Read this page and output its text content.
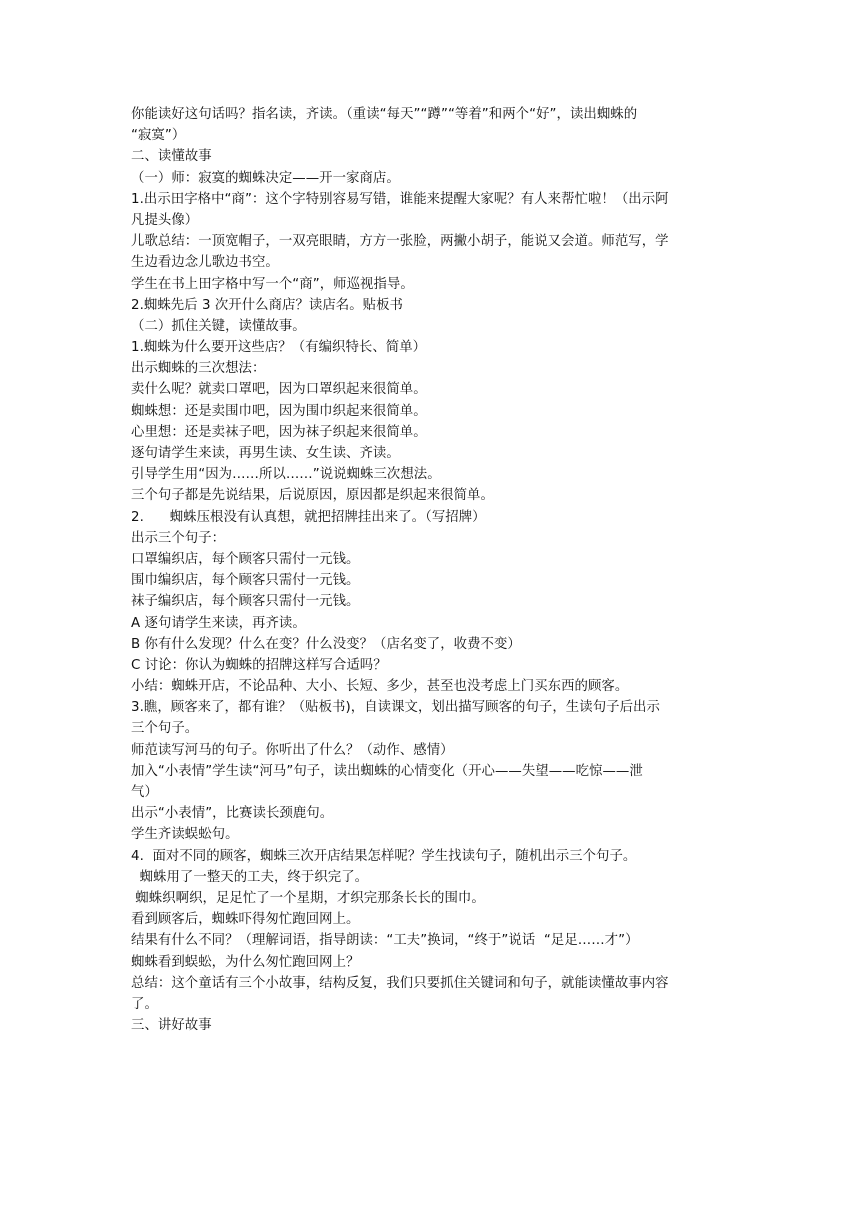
你能读好这句话吗？指名读，齐读。（重读“每天”“蹲”“等着”和两个“好”，读出蜘蛛的

“寂寞”）

二、读懂故事

（一）师：寂寞的蜘蛛决定——开一家商店。

1.出示田字格中“商”：这个字特别容易写错，谁能来提醒大家呢？有人来帮忙啦！（出示阿

凡提头像）

儿歌总结：一顶宽帽子，一双亮眼睛，方方一张脸，两撇小胡子，能说又会道。师范写，学

生边看边念儿歌边书空。

学生在书上田字格中写一个“商”，师巡视指导。

2.蜘蛛先后 3 次开什么商店？读店名。贴板书

（二）抓住关键，读懂故事。

1.蜘蛛为什么要开这些店？（有编织特长、简单）

出示蜘蛛的三次想法：

卖什么呢？就卖口罩吧，因为口罩织起来很简单。

蜘蛛想：还是卖围巾吧，因为围巾织起来很简单。

心里想：还是卖袜子吧，因为袜子织起来很简单。

逐句请学生来读，再男生读、女生读、齐读。

引导学生用“因为……所以……”说说蜘蛛三次想法。

三个句子都是先说结果，后说原因，原因都是织起来很简单。

2.      蜘蛛压根没有认真想，就把招牌挂出来了。（写招牌）

出示三个句子：

口罩编织店，每个顾客只需付一元钱。

围巾编织店，每个顾客只需付一元钱。

袜子编织店，每个顾客只需付一元钱。

A 逐句请学生来读，再齐读。

B 你有什么发现？什么在变？什么没变？（店名变了，收费不变）

C 讨论：你认为蜘蛛的招牌这样写合适吗？

小结：蜘蛛开店，不论品种、大小、长短、多少，甚至也没考虑上门买东西的顾客。

3.瞧，顾客来了，都有谁？（贴板书)，自读课文，划出描写顾客的句子，生读句子后出示

三个句子。

师范读写河马的句子。你听出了什么？（动作、感情）

加入“小表情”学生读“河马”句子，读出蜘蛛的心情变化（开心——失望——吃惊——泄

气）

出示“小表情”，比赛读长颈鹿句。

学生齐读蜈蚣句。

4.  面对不同的顾客，蜘蛛三次开店结果怎样呢？学生找读句子，随机出示三个句子。

蜘蛛用了一整天的工夫，终于织完了。

蜘蛛织啊织，足足忙了一个星期，才织完那条长长的围巾。

看到顾客后，蜘蛛吓得匆忙跑回网上。

结果有什么不同？（理解词语，指导朗读：“工夫”换词，“终于”说话  “足足……才”）

蜘蛛看到蜈蚣，为什么匆忙跑回网上？

总结：这个童话有三个小故事，结构反复，我们只要抓住关键词和句子，就能读懂故事内容

了。

三、讲好故事
